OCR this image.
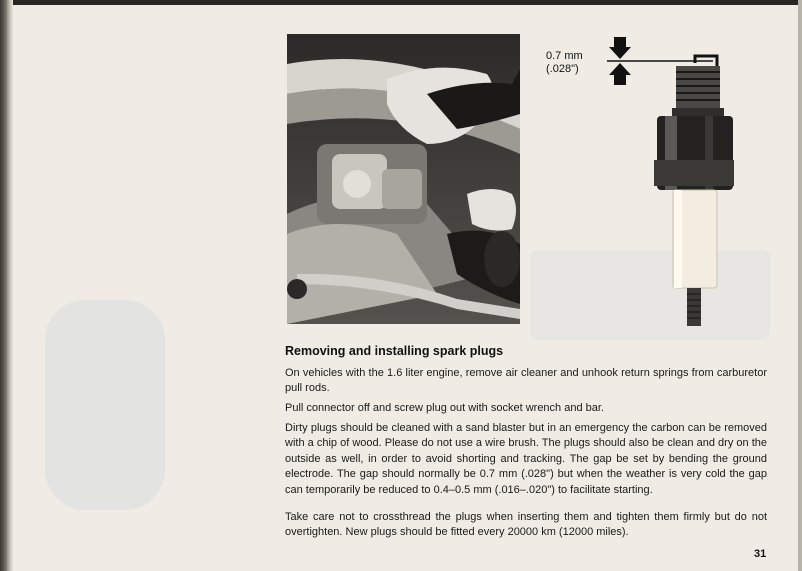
0.7 mm
(.028")
Removing and installing spark plugs

On vehicles with the 1.6 liter engine, remove air cleaner and unhook return springs from carburetor pull rods.

Pull connector off and screw plug out with socket wrench and bar.

Dirty plugs should be cleaned with a sand blaster but in an emergency the carbon can be removed with a chip of wood. Please do not use a wire brush. The plugs should also be clean and dry on the outside as well, in order to avoid shorting and tracking. The gap be set by bending the ground electrode. The gap should normally be 0.7 mm (.028") but when the weather is very cold the gap can temporarily be reduced to 0.4–0.5 mm (.016–.020") to facilitate starting.

Take care not to crossthread the plugs when inserting them and tighten them firmly but do not overtighten. New plugs should be fitted every 20000 km (12000 miles).

31
